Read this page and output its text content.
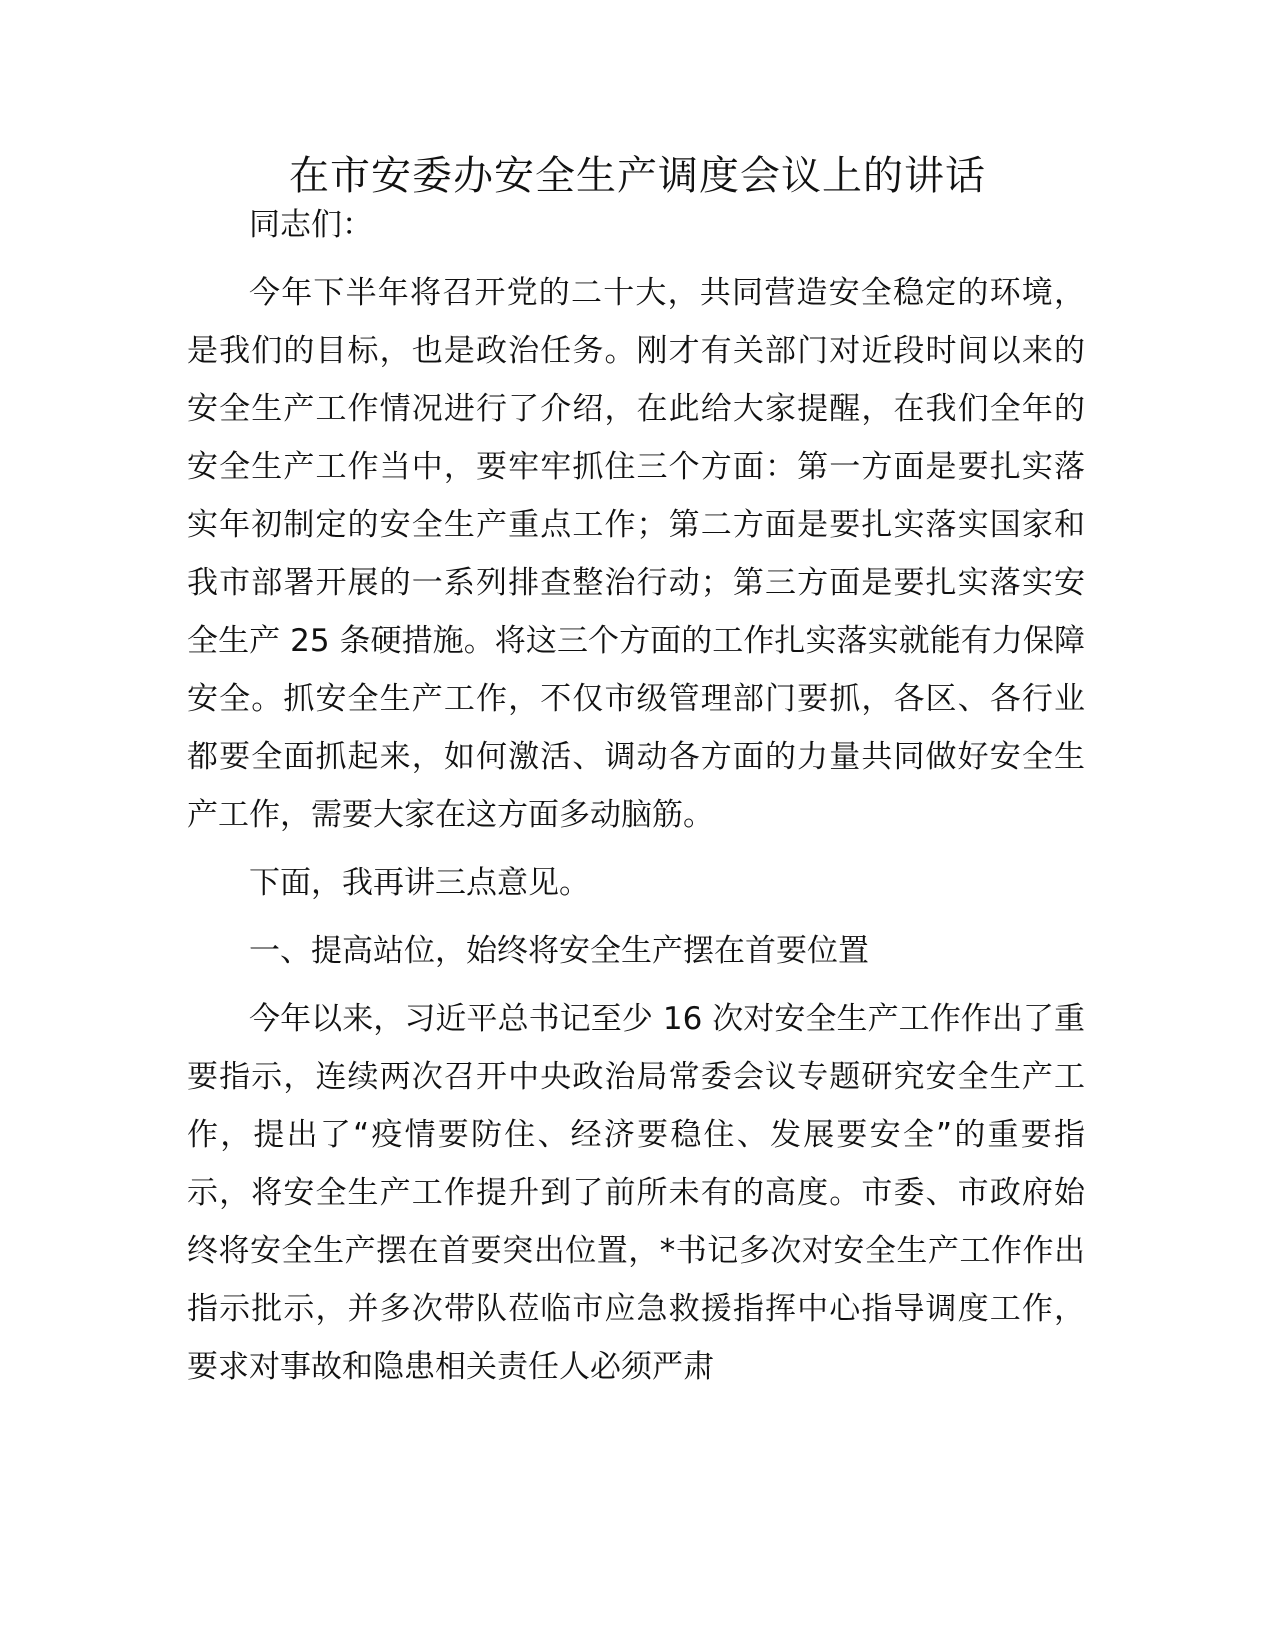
在市安委办安全生产调度会议上的讲话

同志们：

今年下半年将召开党的二十大，共同营造安全稳定的环境，是我们的目标，也是政治任务。刚才有关部门对近段时间以来的安全生产工作情况进行了介绍，在此给大家提醒，在我们全年的安全生产工作当中，要牢牢抓住三个方面：第一方面是要扎实落实年初制定的安全生产重点工作；第二方面是要扎实落实国家和我市部署开展的一系列排查整治行动；第三方面是要扎实落实安全生产 25 条硬措施。将这三个方面的工作扎实落实就能有力保障安全。抓安全生产工作，不仅市级管理部门要抓，各区、各行业都要全面抓起来，如何激活、调动各方面的力量共同做好安全生产工作，需要大家在这方面多动脑筋。

下面，我再讲三点意见。

一、提高站位，始终将安全生产摆在首要位置

今年以来，习近平总书记至少 16 次对安全生产工作作出了重要指示，连续两次召开中央政治局常委会议专题研究安全生产工作，提出了“疫情要防住、经济要稳住、发展要安全”的重要指示，将安全生产工作提升到了前所未有的高度。市委、市政府始终将安全生产摆在首要突出位置，*书记多次对安全生产工作作出指示批示，并多次带队莅临市应急救援指挥中心指导调度工作，要求对事故和隐患相关责任人必须严肃
